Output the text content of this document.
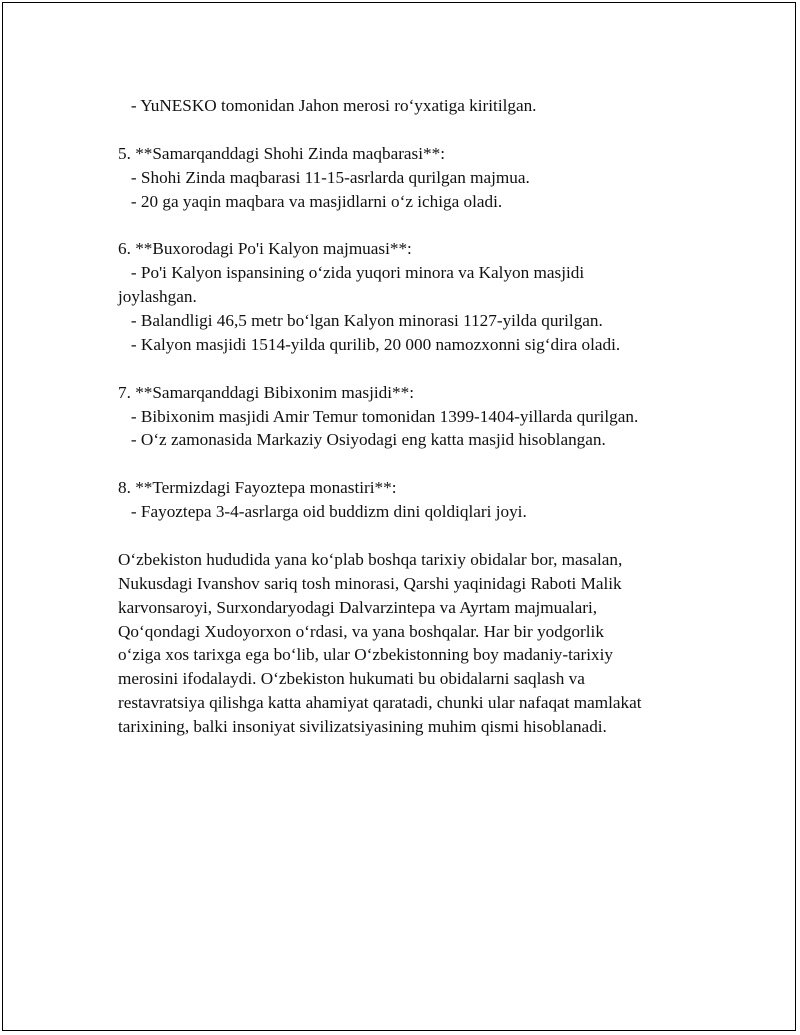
- YuNESKO tomonidan Jahon merosi ro‘yxatiga kiritilgan.

5. **Samarqanddagi Shohi Zinda maqbarasi**:

- Shohi Zinda maqbarasi 11-15-asrlarda qurilgan majmua.

- 20 ga yaqin maqbara va masjidlarni o‘z ichiga oladi.

6. **Buxorodagi Po'i Kalyon majmuasi**:

- Po'i Kalyon ispansining o‘zida yuqori minora va Kalyon masjidi

joylashgan.

- Balandligi 46,5 metr bo‘lgan Kalyon minorasi 1127-yilda qurilgan.

- Kalyon masjidi 1514-yilda qurilib, 20 000 namozxonni sig‘dira oladi.

7. **Samarqanddagi Bibixonim masjidi**:

- Bibixonim masjidi Amir Temur tomonidan 1399-1404-yillarda qurilgan.

- O‘z zamonasida Markaziy Osiyodagi eng katta masjid hisoblangan.

8. **Termizdagi Fayoztepa monastiri**:

- Fayoztepa 3-4-asrlarga oid buddizm dini qoldiqlari joyi.

O‘zbekiston hududida yana ko‘plab boshqa tarixiy obidalar bor, masalan,

Nukusdagi Ivanshov sariq tosh minorasi, Qarshi yaqinidagi Raboti Malik

karvonsaroyi, Surxondaryodagi Dalvarzintepa va Ayrtam majmualari,

Qo‘qondagi Xudoyorxon o‘rdasi, va yana boshqalar. Har bir yodgorlik

o‘ziga xos tarixga ega bo‘lib, ular O‘zbekistonning boy madaniy-tarixiy

merosini ifodalaydi. O‘zbekiston hukumati bu obidalarni saqlash va

restavratsiya qilishga katta ahamiyat qaratadi, chunki ular nafaqat mamlakat

tarixining, balki insoniyat sivilizatsiyasining muhim qismi hisoblanadi.
